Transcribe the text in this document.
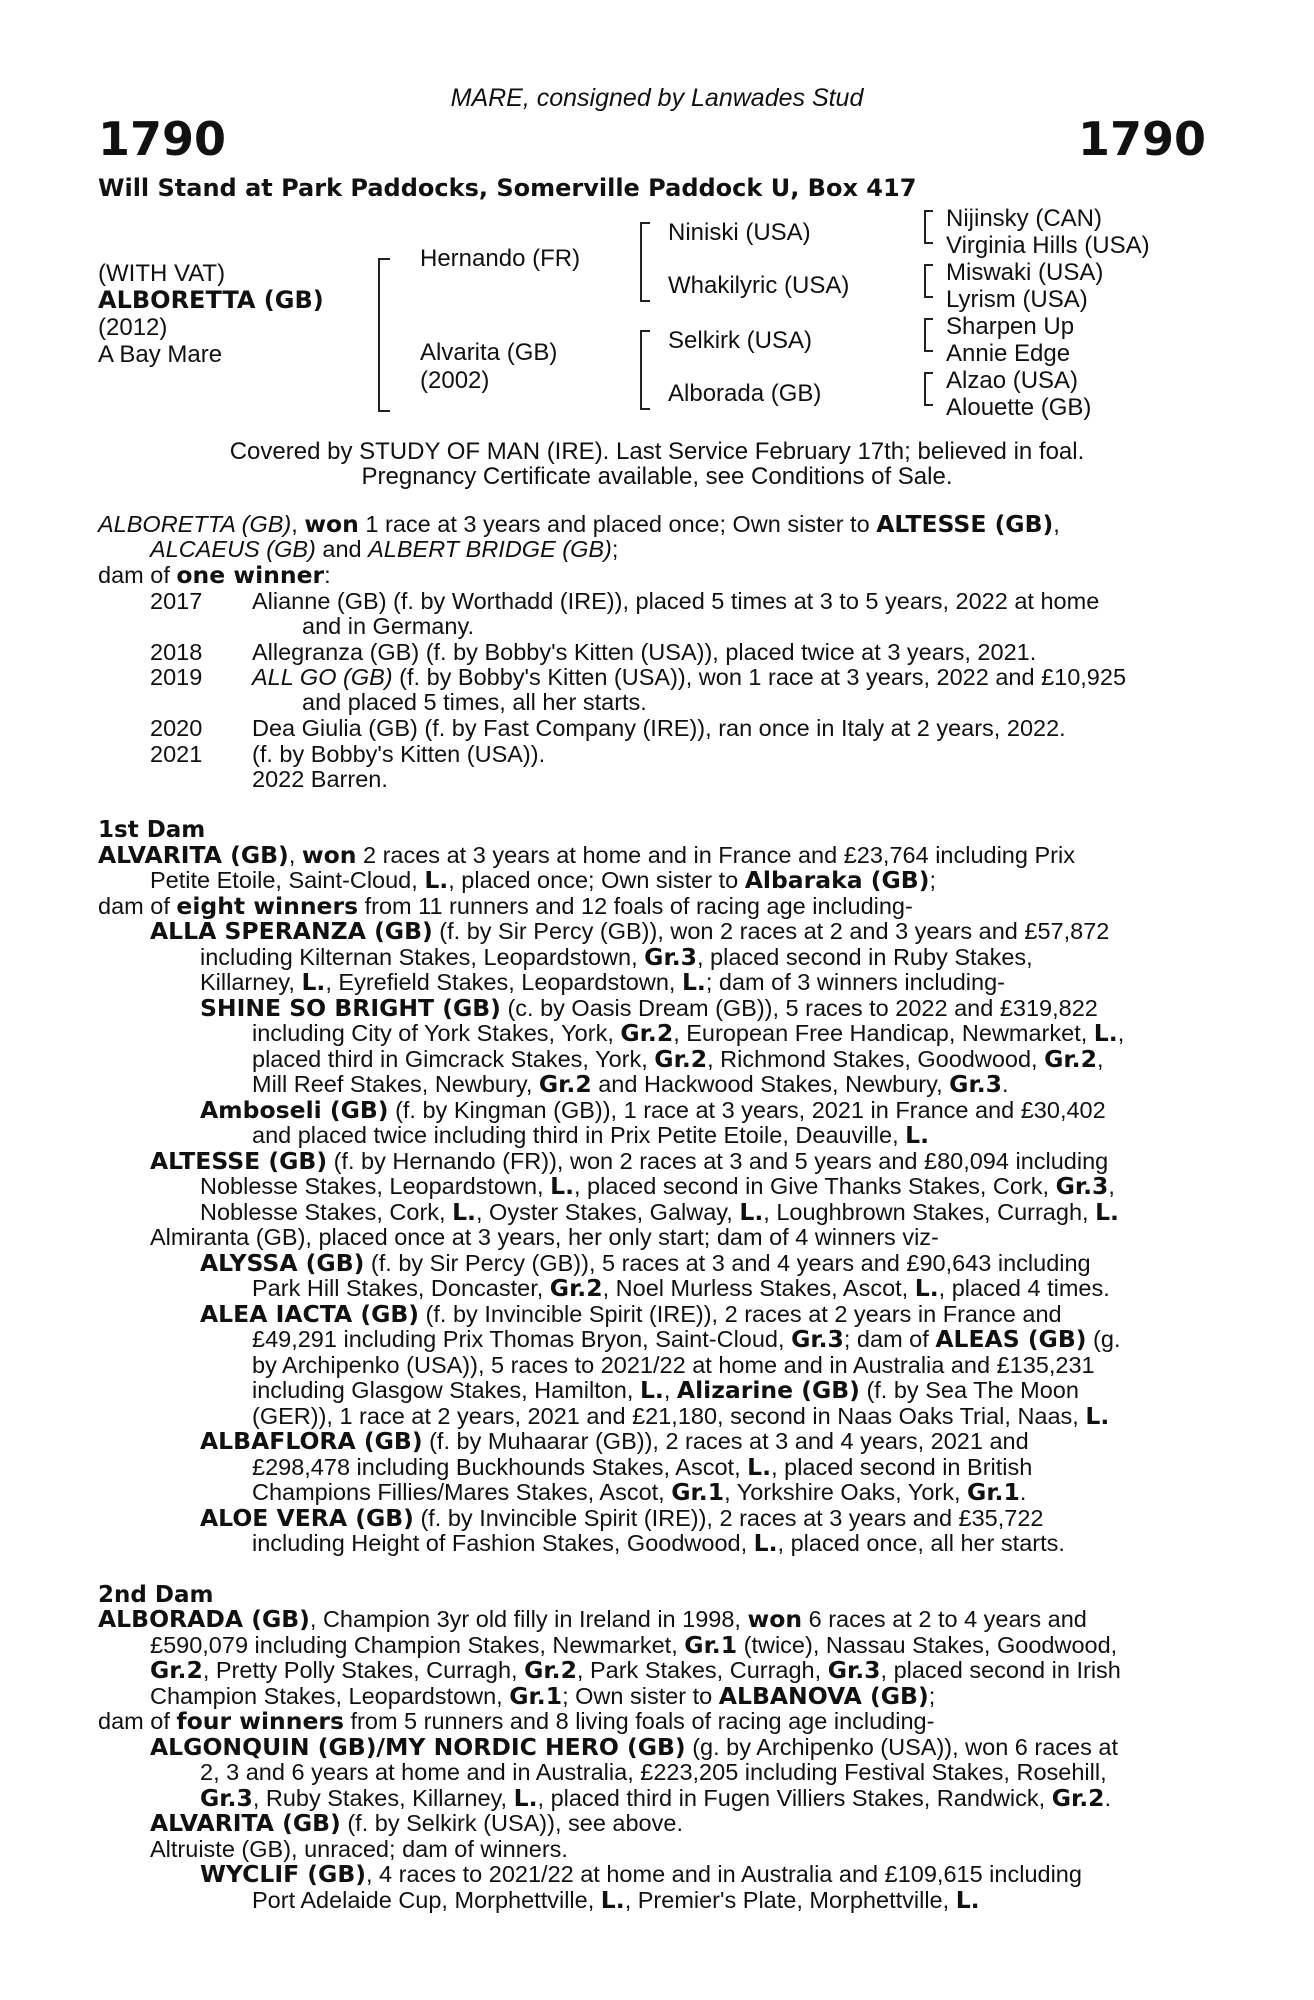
MARE, consigned by Lanwades Stud
1790	1790
Will Stand at Park Paddocks, Somerville Paddock U, Box 417
(WITH VAT)
ALBORETTA (GB)
(2012)
A Bay Mare
Hernando (FR)
Alvarita (GB)
(2002)
Niniski (USA)
Whakilyric (USA)
Selkirk (USA)
Alborada (GB)
Nijinsky (CAN)
Virginia Hills (USA)
Miswaki (USA)
Lyrism (USA)
Sharpen Up
Annie Edge
Alzao (USA)
Alouette (GB)
Covered by STUDY OF MAN (IRE). Last Service February 17th; believed in foal.
Pregnancy Certificate available, see Conditions of Sale.
ALBORETTA (GB), won 1 race at 3 years and placed once; Own sister to ALTESSE (GB),
ALCAEUS (GB) and ALBERT BRIDGE (GB);
dam of one winner:
2017 Alianne (GB) (f. by Worthadd (IRE)), placed 5 times at 3 to 5 years, 2022 at home
and in Germany.
2018 Allegranza (GB) (f. by Bobby's Kitten (USA)), placed twice at 3 years, 2021.
2019 ALL GO (GB) (f. by Bobby's Kitten (USA)), won 1 race at 3 years, 2022 and £10,925
and placed 5 times, all her starts.
2020 Dea Giulia (GB) (f. by Fast Company (IRE)), ran once in Italy at 2 years, 2022.
2021 (f. by Bobby's Kitten (USA)).
2022 Barren.
1st Dam
ALVARITA (GB), won 2 races at 3 years at home and in France and £23,764 including Prix
Petite Etoile, Saint-Cloud, L., placed once; Own sister to Albaraka (GB);
dam of eight winners from 11 runners and 12 foals of racing age including-
ALLA SPERANZA (GB) (f. by Sir Percy (GB)), won 2 races at 2 and 3 years and £57,872
including Kilternan Stakes, Leopardstown, Gr.3, placed second in Ruby Stakes,
Killarney, L., Eyrefield Stakes, Leopardstown, L.; dam of 3 winners including-
SHINE SO BRIGHT (GB) (c. by Oasis Dream (GB)), 5 races to 2022 and £319,822
including City of York Stakes, York, Gr.2, European Free Handicap, Newmarket, L.,
placed third in Gimcrack Stakes, York, Gr.2, Richmond Stakes, Goodwood, Gr.2,
Mill Reef Stakes, Newbury, Gr.2 and Hackwood Stakes, Newbury, Gr.3.
Amboseli (GB) (f. by Kingman (GB)), 1 race at 3 years, 2021 in France and £30,402
and placed twice including third in Prix Petite Etoile, Deauville, L.
ALTESSE (GB) (f. by Hernando (FR)), won 2 races at 3 and 5 years and £80,094 including
Noblesse Stakes, Leopardstown, L., placed second in Give Thanks Stakes, Cork, Gr.3,
Noblesse Stakes, Cork, L., Oyster Stakes, Galway, L., Loughbrown Stakes, Curragh, L.
Almiranta (GB), placed once at 3 years, her only start; dam of 4 winners viz-
ALYSSA (GB) (f. by Sir Percy (GB)), 5 races at 3 and 4 years and £90,643 including
Park Hill Stakes, Doncaster, Gr.2, Noel Murless Stakes, Ascot, L., placed 4 times.
ALEA IACTA (GB) (f. by Invincible Spirit (IRE)), 2 races at 2 years in France and
£49,291 including Prix Thomas Bryon, Saint-Cloud, Gr.3; dam of ALEAS (GB) (g.
by Archipenko (USA)), 5 races to 2021/22 at home and in Australia and £135,231
including Glasgow Stakes, Hamilton, L., Alizarine (GB) (f. by Sea The Moon
(GER)), 1 race at 2 years, 2021 and £21,180, second in Naas Oaks Trial, Naas, L.
ALBAFLORA (GB) (f. by Muhaarar (GB)), 2 races at 3 and 4 years, 2021 and
£298,478 including Buckhounds Stakes, Ascot, L., placed second in British
Champions Fillies/Mares Stakes, Ascot, Gr.1, Yorkshire Oaks, York, Gr.1.
ALOE VERA (GB) (f. by Invincible Spirit (IRE)), 2 races at 3 years and £35,722
including Height of Fashion Stakes, Goodwood, L., placed once, all her starts.
2nd Dam
ALBORADA (GB), Champion 3yr old filly in Ireland in 1998, won 6 races at 2 to 4 years and
£590,079 including Champion Stakes, Newmarket, Gr.1 (twice), Nassau Stakes, Goodwood,
Gr.2, Pretty Polly Stakes, Curragh, Gr.2, Park Stakes, Curragh, Gr.3, placed second in Irish
Champion Stakes, Leopardstown, Gr.1; Own sister to ALBANOVA (GB);
dam of four winners from 5 runners and 8 living foals of racing age including-
ALGONQUIN (GB)/MY NORDIC HERO (GB) (g. by Archipenko (USA)), won 6 races at
2, 3 and 6 years at home and in Australia, £223,205 including Festival Stakes, Rosehill,
Gr.3, Ruby Stakes, Killarney, L., placed third in Fugen Villiers Stakes, Randwick, Gr.2.
ALVARITA (GB) (f. by Selkirk (USA)), see above.
Altruiste (GB), unraced; dam of winners.
WYCLIF (GB), 4 races to 2021/22 at home and in Australia and £109,615 including
Port Adelaide Cup, Morphettville, L., Premier's Plate, Morphettville, L.
